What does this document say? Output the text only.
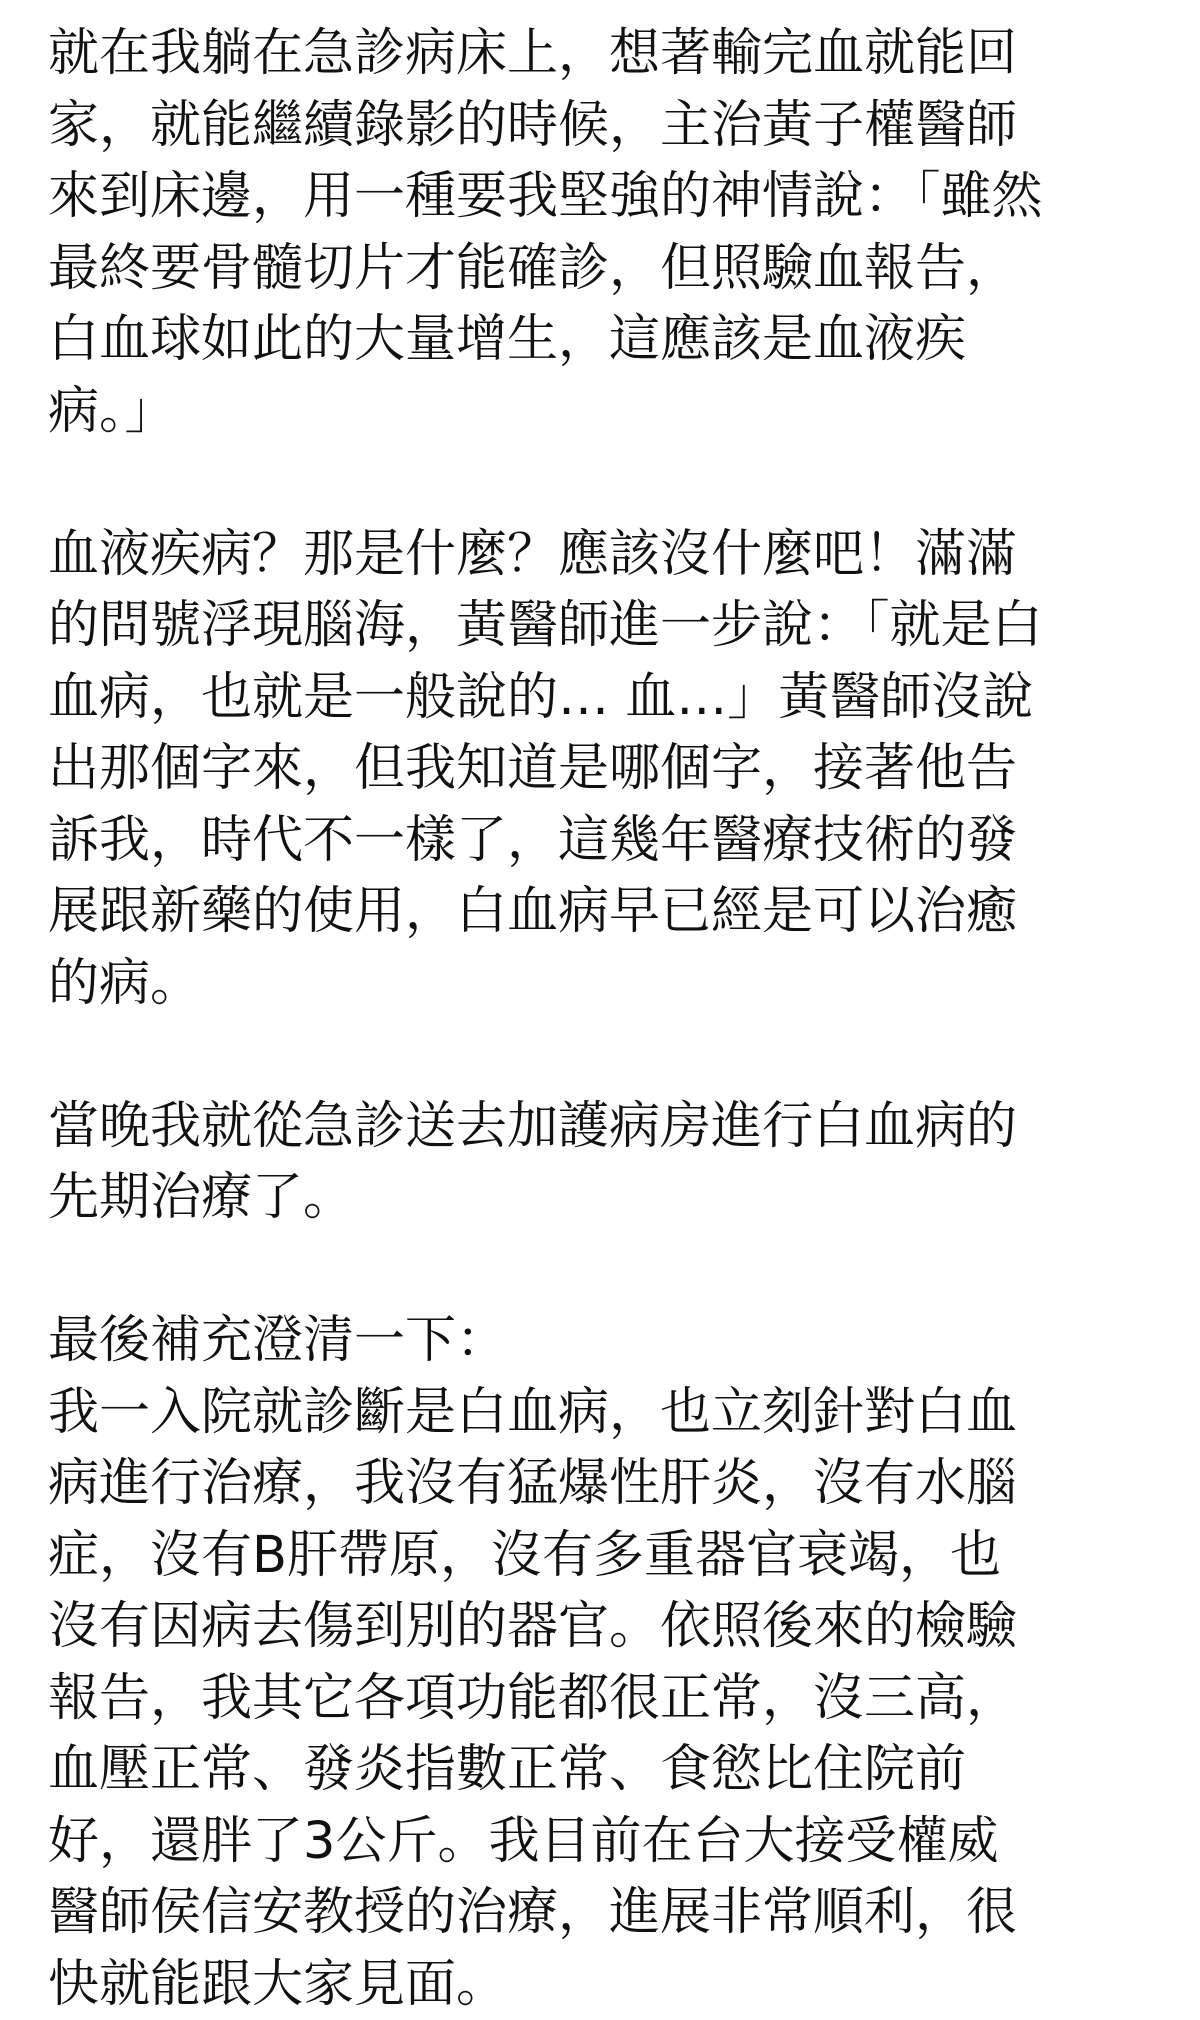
就在我躺在急診病床上，想著輸完血就能回

家，就能繼續錄影的時候，主治黃子權醫師

來到床邊，用一種要我堅強的神情說：「雖然

最終要骨髓切片才能確診，但照驗血報告，

白血球如此的大量增生，這應該是血液疾

病。」

血液疾病？那是什麼？應該沒什麼吧！滿滿

的問號浮現腦海，黃醫師進一步說：「就是白

血病，也就是一般說的… 血…」黃醫師沒說

出那個字來，但我知道是哪個字，接著他告

訴我，時代不一樣了，這幾年醫療技術的發

展跟新藥的使用，白血病早已經是可以治癒

的病。

當晚我就從急診送去加護病房進行白血病的

先期治療了。

最後補充澄清一下：

我一入院就診斷是白血病，也立刻針對白血

病進行治療，我沒有猛爆性肝炎，沒有水腦

症，沒有B肝帶原，沒有多重器官衰竭，也

沒有因病去傷到別的器官。依照後來的檢驗

報告，我其它各項功能都很正常，沒三高，

血壓正常、發炎指數正常、食慾比住院前

好，還胖了3公斤。我目前在台大接受權威

醫師侯信安教授的治療，進展非常順利，很

快就能跟大家見面。
